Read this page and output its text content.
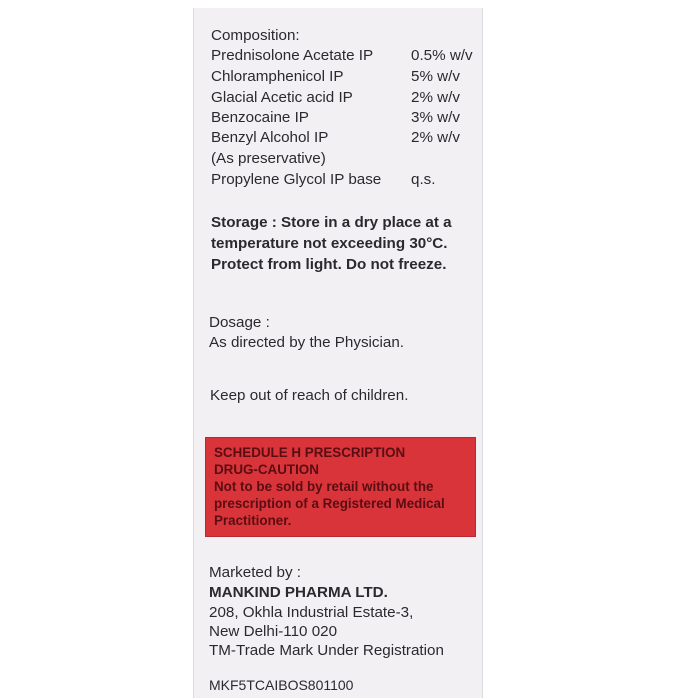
Composition:
Prednisolone Acetate IP 0.5% w/v
Chloramphenicol IP	5% w/v
Glacial Acetic acid IP	2% w/v
Benzocaine IP	3% w/v
Benzyl Alcohol IP	2% w/v
(As preservative)
Propylene Glycol IP base q.s.
Storage : Store in a dry place at a
temperature not exceeding 30°C.
Protect from light. Do not freeze.
Dosage :
As directed by the Physician.
Keep out of reach of children.
SCHEDULE H PRESCRIPTION
DRUG-CAUTION
Not to be sold by retail without the
prescription of a Registered Medical
Practitioner.
Marketed by :
MANKIND PHARMA LTD.
208, Okhla Industrial Estate-3,
New Delhi-110 020
TM-Trade Mark Under Registration
MKF5TCAIBOS801100
